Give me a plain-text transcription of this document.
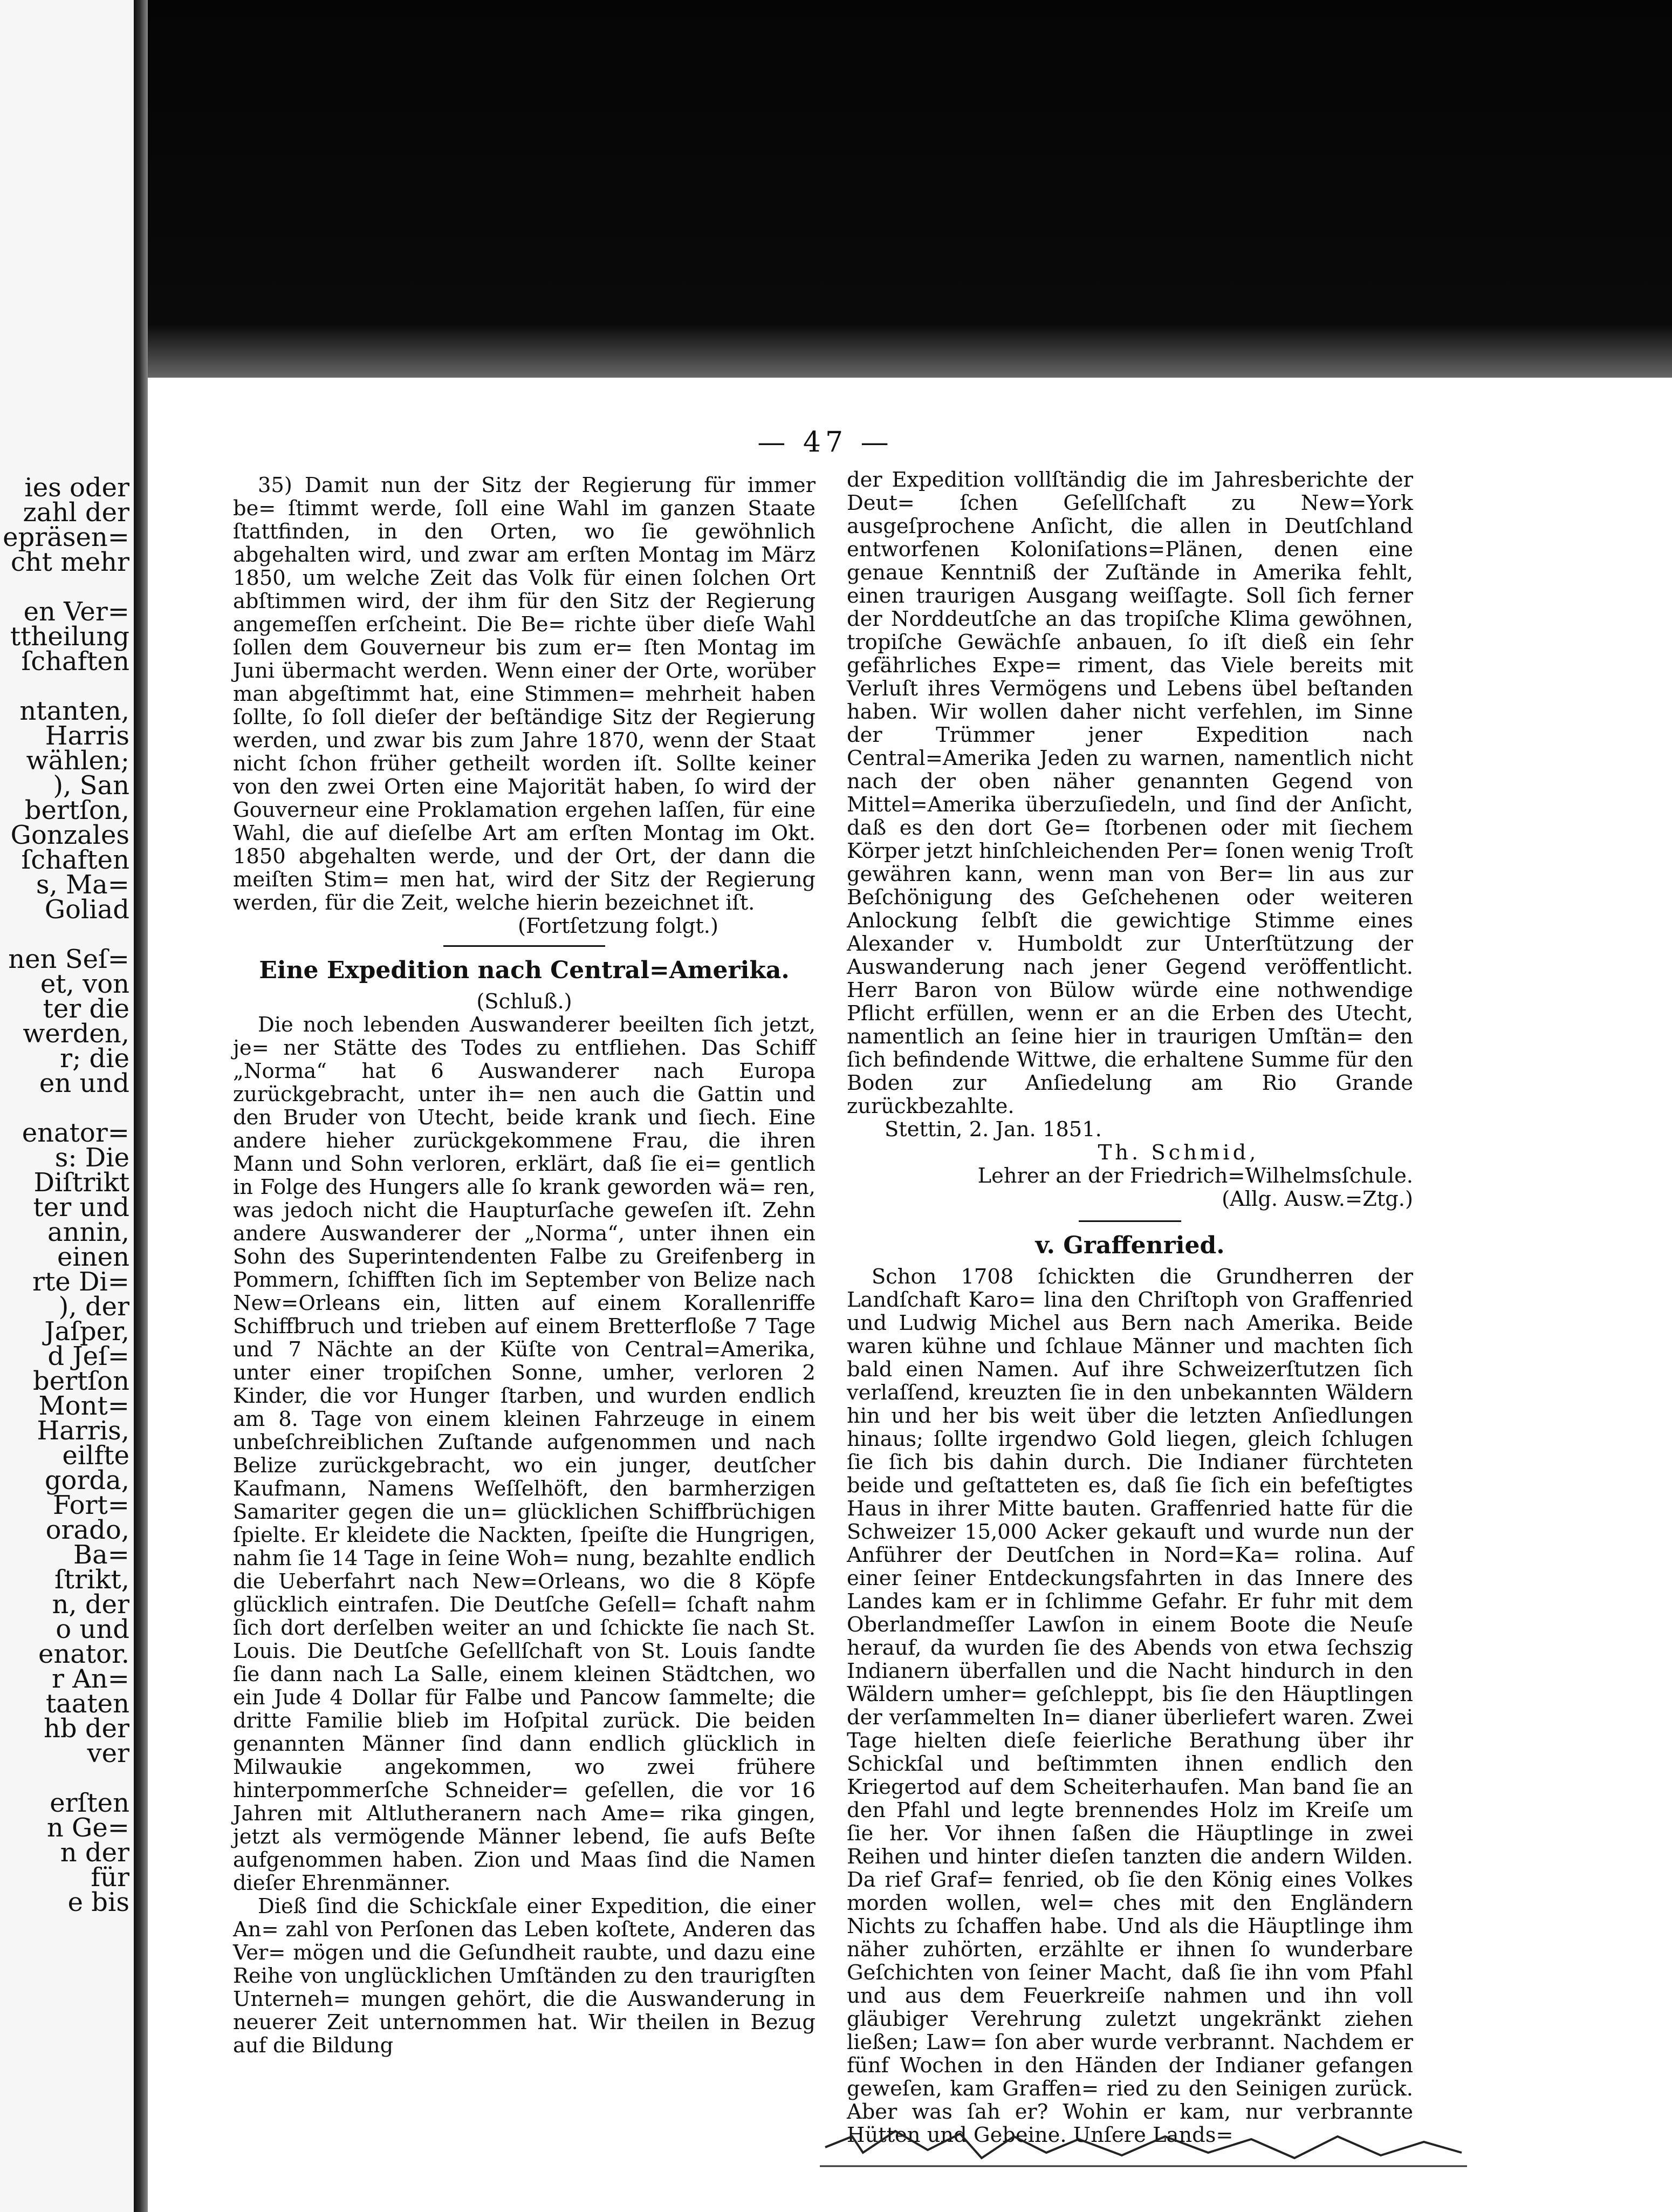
ies oder
zahl der
epräsen=
cht mehr
en Ver=
ttheilung
ſchaften
ntanten,
Harris
wählen;
), San
bertſon,
Gonzales
ſchaften
s, Ma=
Goliad
nen Seſ=
et, von
ter die
werden,
r; die
en und
enator=
s: Die
Diſtrikt
ter und
annin,
einen
rte Di=
), der
Jaſper,
d Jeſ=
bertſon
Mont=
Harris,
eilfte
gorda,
Fort=
orado,
Ba=
ſtrikt,
n, der
o und
enator.
r An=
taaten
hb der
ver
erſten
n Ge=
n der
für
e bis
— 47 —

35) Damit nun der Sitz der Regierung für immer be= ſtimmt werde, ſoll eine Wahl im ganzen Staate ſtattfinden, in den Orten, wo ſie gewöhnlich abgehalten wird, und zwar am erſten Montag im März 1850, um welche Zeit das Volk für einen ſolchen Ort abſtimmen wird, der ihm für den Sitz der Regierung angemeſſen erſcheint. Die Be= richte über dieſe Wahl ſollen dem Gouverneur bis zum er= ſten Montag im Juni übermacht werden. Wenn einer der Orte, worüber man abgeſtimmt hat, eine Stimmen= mehrheit haben ſollte, ſo ſoll dieſer der beſtändige Sitz der Regierung werden, und zwar bis zum Jahre 1870, wenn der Staat nicht ſchon früher getheilt worden iſt. Sollte keiner von den zwei Orten eine Majorität haben, ſo wird der Gouverneur eine Proklamation ergehen laſſen, für eine Wahl, die auf dieſelbe Art am erſten Montag im Okt. 1850 abgehalten werde, und der Ort, der dann die meiſten Stim= men hat, wird der Sitz der Regierung werden, für die Zeit, welche hierin bezeichnet iſt.

(Fortſetzung folgt.)

Eine Expedition nach Central=Amerika.

(Schluß.)

Die noch lebenden Auswanderer beeilten ſich jetzt, je= ner Stätte des Todes zu entfliehen. Das Schiff „Norma“ hat 6 Auswanderer nach Europa zurückgebracht, unter ih= nen auch die Gattin und den Bruder von Utecht, beide krank und ſiech. Eine andere hieher zurückgekommene Frau, die ihren Mann und Sohn verloren, erklärt, daß ſie ei= gentlich in Folge des Hungers alle ſo krank geworden wä= ren, was jedoch nicht die Haupturſache geweſen iſt. Zehn andere Auswanderer der „Norma“, unter ihnen ein Sohn des Superintendenten Falbe zu Greifenberg in Pommern, ſchifften ſich im September von Belize nach New=Orleans ein, litten auf einem Korallenriffe Schiffbruch und trieben auf einem Bretterfloße 7 Tage und 7 Nächte an der Küſte von Central=Amerika, unter einer tropiſchen Sonne, umher, verloren 2 Kinder, die vor Hunger ſtarben, und wurden endlich am 8. Tage von einem kleinen Fahrzeuge in einem unbeſchreiblichen Zuſtande aufgenommen und nach Belize zurückgebracht, wo ein junger, deutſcher Kaufmann, Namens Weſſelhöft, den barmherzigen Samariter gegen die un= glücklichen Schiffbrüchigen ſpielte. Er kleidete die Nackten, ſpeiſte die Hungrigen, nahm ſie 14 Tage in ſeine Woh= nung, bezahlte endlich die Ueberfahrt nach New=Orleans, wo die 8 Köpfe glücklich eintrafen. Die Deutſche Geſell= ſchaft nahm ſich dort derſelben weiter an und ſchickte ſie nach St. Louis. Die Deutſche Geſellſchaft von St. Louis ſandte ſie dann nach La Salle, einem kleinen Städtchen, wo ein Jude 4 Dollar für Falbe und Pancow ſammelte; die dritte Familie blieb im Hoſpital zurück. Die beiden genannten Männer ſind dann endlich glücklich in Milwaukie angekommen, wo zwei frühere hinterpommerſche Schneider= geſellen, die vor 16 Jahren mit Altlutheranern nach Ame= rika gingen, jetzt als vermögende Männer lebend, ſie aufs Beſte aufgenommen haben. Zion und Maas ſind die Namen dieſer Ehrenmänner.

Dieß ſind die Schickſale einer Expedition, die einer An= zahl von Perſonen das Leben koſtete, Anderen das Ver= mögen und die Geſundheit raubte, und dazu eine Reihe von unglücklichen Umſtänden zu den traurigſten Unterneh= mungen gehört, die die Auswanderung in neuerer Zeit unternommen hat. Wir theilen in Bezug auf die Bildung

der Expedition vollſtändig die im Jahresberichte der Deut= ſchen Geſellſchaft zu New=York ausgeſprochene Anſicht, die allen in Deutſchland entworfenen Koloniſations=Plänen, denen eine genaue Kenntniß der Zuſtände in Amerika fehlt, einen traurigen Ausgang weiſſagte. Soll ſich ferner der Norddeutſche an das tropiſche Klima gewöhnen, tropiſche Gewächſe anbauen, ſo iſt dieß ein ſehr gefährliches Expe= riment, das Viele bereits mit Verluſt ihres Vermögens und Lebens übel beſtanden haben. Wir wollen daher nicht verfehlen, im Sinne der Trümmer jener Expedition nach Central=Amerika Jeden zu warnen, namentlich nicht nach der oben näher genannten Gegend von Mittel=Amerika überzuſiedeln, und ſind der Anſicht, daß es den dort Ge= ſtorbenen oder mit ſiechem Körper jetzt hinſchleichenden Per= ſonen wenig Troſt gewähren kann, wenn man von Ber= lin aus zur Beſchönigung des Geſchehenen oder weiteren Anlockung ſelbſt die gewichtige Stimme eines Alexander v. Humboldt zur Unterſtützung der Auswanderung nach jener Gegend veröffentlicht. Herr Baron von Bülow würde eine nothwendige Pflicht erfüllen, wenn er an die Erben des Utecht, namentlich an ſeine hier in traurigen Umſtän= den ſich befindende Wittwe, die erhaltene Summe für den Boden zur Anſiedelung am Rio Grande zurückbezahlte.

Stettin, 2. Jan. 1851.

Th. Schmid,

Lehrer an der Friedrich=Wilhelmsſchule.

(Allg. Ausw.=Ztg.)

v. Graffenried.

Schon 1708 ſchickten die Grundherren der Landſchaft Karo= lina den Chriſtoph von Graffenried und Ludwig Michel aus Bern nach Amerika. Beide waren kühne und ſchlaue Männer und machten ſich bald einen Namen. Auf ihre Schweizerſtutzen ſich verlaſſend, kreuzten ſie in den unbekannten Wäldern hin und her bis weit über die letzten Anſiedlungen hinaus; ſollte irgendwo Gold liegen, gleich ſchlugen ſie ſich bis dahin durch. Die Indianer fürchteten beide und geſtatteten es, daß ſie ſich ein befeſtigtes Haus in ihrer Mitte bauten. Graffenried hatte für die Schweizer 15,000 Acker gekauft und wurde nun der Anführer der Deutſchen in Nord=Ka= rolina. Auf einer ſeiner Entdeckungsfahrten in das Innere des Landes kam er in ſchlimme Gefahr. Er fuhr mit dem Oberlandmeſſer Lawſon in einem Boote die Neuſe herauf, da wurden ſie des Abends von etwa ſechszig Indianern überfallen und die Nacht hindurch in den Wäldern umher= geſchleppt, bis ſie den Häuptlingen der verſammelten In= dianer überliefert waren. Zwei Tage hielten dieſe feierliche Berathung über ihr Schickſal und beſtimmten ihnen endlich den Kriegertod auf dem Scheiterhaufen. Man band ſie an den Pfahl und legte brennendes Holz im Kreiſe um ſie her. Vor ihnen ſaßen die Häuptlinge in zwei Reihen und hinter dieſen tanzten die andern Wilden. Da rief Graf= fenried, ob ſie den König eines Volkes morden wollen, wel= ches mit den Engländern Nichts zu ſchaffen habe. Und als die Häuptlinge ihm näher zuhörten, erzählte er ihnen ſo wunderbare Geſchichten von ſeiner Macht, daß ſie ihn vom Pfahl und aus dem Feuerkreiſe nahmen und ihn voll gläubiger Verehrung zuletzt ungekränkt ziehen ließen; Law= ſon aber wurde verbrannt. Nachdem er fünf Wochen in den Händen der Indianer gefangen geweſen, kam Graffen= ried zu den Seinigen zurück. Aber was ſah er? Wohin er kam, nur verbrannte Hütten und Gebeine. Unſere Lands=
